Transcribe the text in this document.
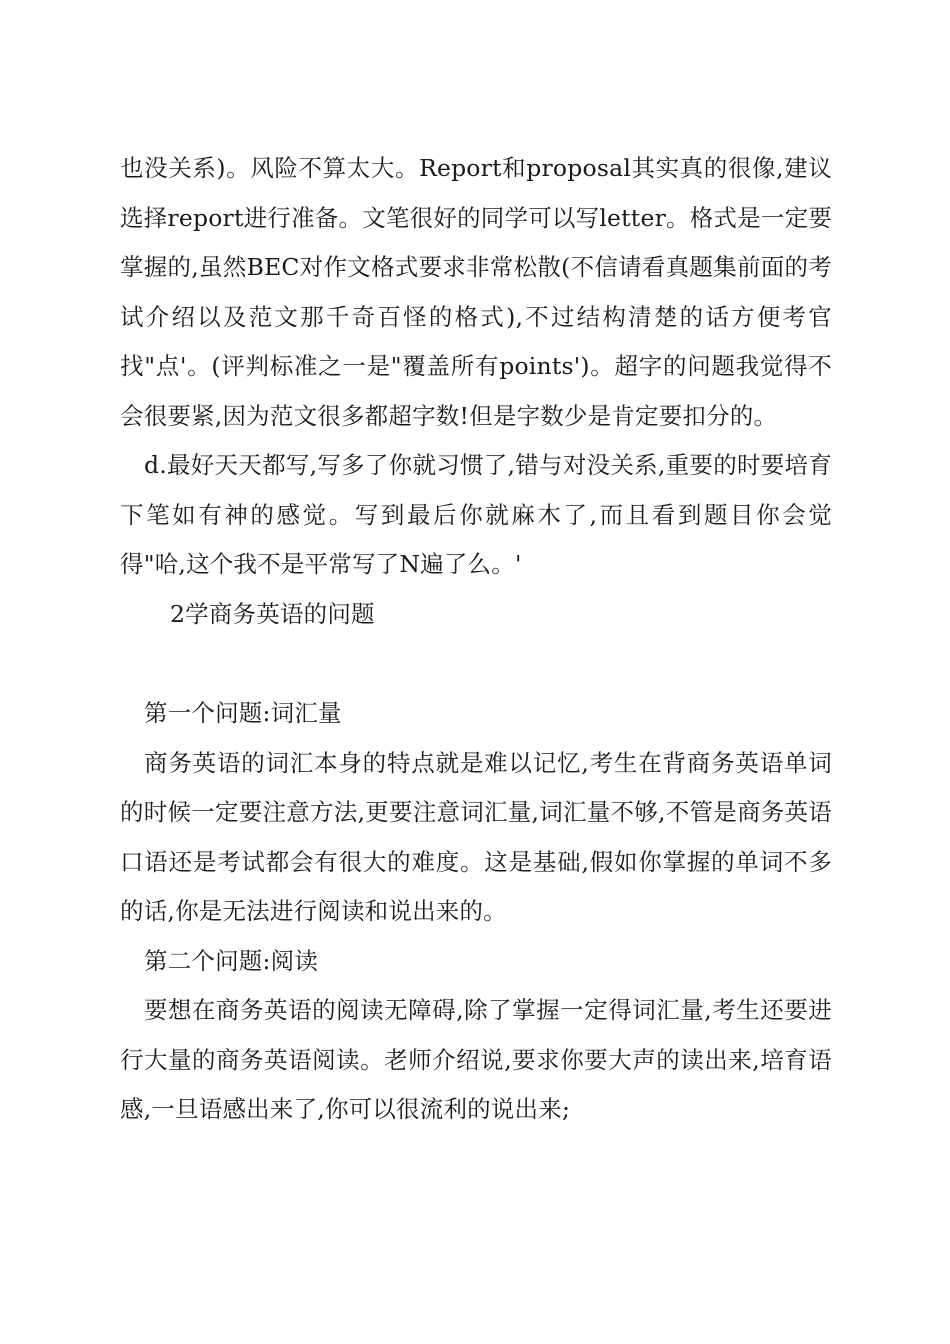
也没关系)。风险不算太大。Report和proposal其实真的很像,建议选择report进行准备。文笔很好的同学可以写letter。格式是一定要掌握的,虽然BEC对作文格式要求非常松散(不信请看真题集前面的考试介绍以及范文那千奇百怪的格式),不过结构清楚的话方便考官找"点'。(评判标准之一是"覆盖所有points')。超字的问题我觉得不会很要紧,因为范文很多都超字数!但是字数少是肯定要扣分的。

d.最好天天都写,写多了你就习惯了,错与对没关系,重要的时要培育下笔如有神的感觉。写到最后你就麻木了,而且看到题目你会觉得"哈,这个我不是平常写了N遍了么。'

2学商务英语的问题

第一个问题:词汇量

商务英语的词汇本身的特点就是难以记忆,考生在背商务英语单词的时候一定要注意方法,更要注意词汇量,词汇量不够,不管是商务英语口语还是考试都会有很大的难度。这是基础,假如你掌握的单词不多的话,你是无法进行阅读和说出来的。

第二个问题:阅读

要想在商务英语的阅读无障碍,除了掌握一定得词汇量,考生还要进行大量的商务英语阅读。老师介绍说,要求你要大声的读出来,培育语感,一旦语感出来了,你可以很流利的说出来;
